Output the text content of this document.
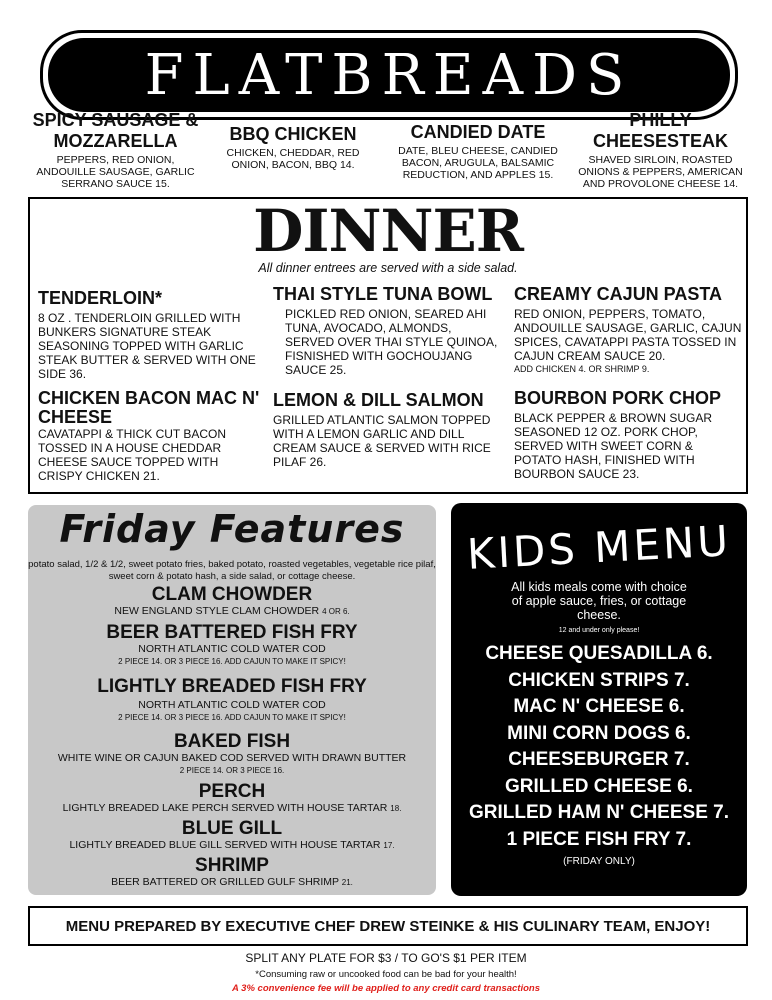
FLATBREADS
SPICY SAUSAGE & MOZZARELLA
PEPPERS, RED ONION, ANDOUILLE SAUSAGE, GARLIC SERRANO SAUCE 15.
BBQ CHICKEN
CHICKEN, CHEDDAR, RED ONION, BACON, BBQ 14.
CANDIED DATE
DATE, BLEU CHEESE, CANDIED BACON, ARUGULA, BALSAMIC REDUCTION, AND APPLES 15.
PHILLY CHEESESTEAK
SHAVED SIRLOIN, ROASTED ONIONS & PEPPERS, AMERICAN AND PROVOLONE CHEESE 14.
DINNER
All dinner entrees are served with a side salad.
TENDERLOIN*
8 OZ . TENDERLOIN GRILLED WITH BUNKERS SIGNATURE STEAK SEASONING TOPPED WITH GARLIC STEAK BUTTER & SERVED WITH ONE SIDE 36.
THAI STYLE TUNA BOWL
PICKLED RED ONION, SEARED AHI TUNA, AVOCADO, ALMONDS, SERVED OVER THAI STYLE QUINOA, FISNISHED WITH GOCHOUJANG SAUCE 25.
CREAMY CAJUN PASTA
RED ONION, PEPPERS, TOMATO, ANDOUILLE SAUSAGE, GARLIC, CAJUN SPICES, CAVATAPPI PASTA TOSSED IN CAJUN CREAM SAUCE 20.
ADD CHICKEN 4. OR SHRIMP 9.
CHICKEN BACON MAC N' CHEESE
CAVATAPPI & THICK CUT BACON TOSSED IN A HOUSE CHEDDAR CHEESE SAUCE TOPPED WITH CRISPY CHICKEN 21.
LEMON & DILL SALMON
GRILLED ATLANTIC SALMON TOPPED WITH A LEMON GARLIC AND DILL CREAM SAUCE & SERVED WITH RICE PILAF 26.
BOURBON PORK CHOP
BLACK PEPPER & BROWN SUGAR SEASONED 12 OZ. PORK CHOP, SERVED WITH SWEET CORN & POTATO HASH, FINISHED WITH BOURBON SAUCE 23.
Friday Features
potato salad, 1/2 & 1/2, sweet potato fries, baked potato, roasted vegetables, vegetable rice pilaf, sweet corn & potato hash, a side salad, or cottage cheese.
CLAM CHOWDER
NEW ENGLAND STYLE CLAM CHOWDER 4 OR 6.
BEER BATTERED FISH FRY
NORTH ATLANTIC COLD WATER COD
2 PIECE 14. OR 3 PIECE 16. ADD CAJUN TO MAKE IT SPICY!
LIGHTLY BREADED FISH FRY
NORTH ATLANTIC COLD WATER COD
2 PIECE 14. OR 3 PIECE 16. ADD CAJUN TO MAKE IT SPICY!
BAKED FISH
WHITE WINE OR CAJUN BAKED COD SERVED WITH DRAWN BUTTER
2 PIECE 14. OR 3 PIECE 16.
PERCH
LIGHTLY BREADED LAKE PERCH SERVED WITH HOUSE TARTAR 18.
BLUE GILL
LIGHTLY BREADED BLUE GILL SERVED WITH HOUSE TARTAR 17.
SHRIMP
BEER BATTERED OR GRILLED GULF SHRIMP 21.
KIDS MENU
All kids meals come with choice of apple sauce, fries, or cottage cheese.
12 and under only please!
CHEESE QUESADILLA 6.
CHICKEN STRIPS 7.
MAC N' CHEESE 6.
MINI CORN DOGS 6.
CHEESEBURGER 7.
GRILLED CHEESE 6.
GRILLED HAM N' CHEESE 7.
1 PIECE FISH FRY 7.
(FRIDAY ONLY)
MENU PREPARED BY EXECUTIVE CHEF DREW STEINKE & HIS CULINARY TEAM, ENJOY!
SPLIT ANY PLATE FOR $3 / TO GO'S $1 PER ITEM
*Consuming raw or uncooked food can be bad for your health!
A 3% convenience fee will be applied to any credit card transactions
